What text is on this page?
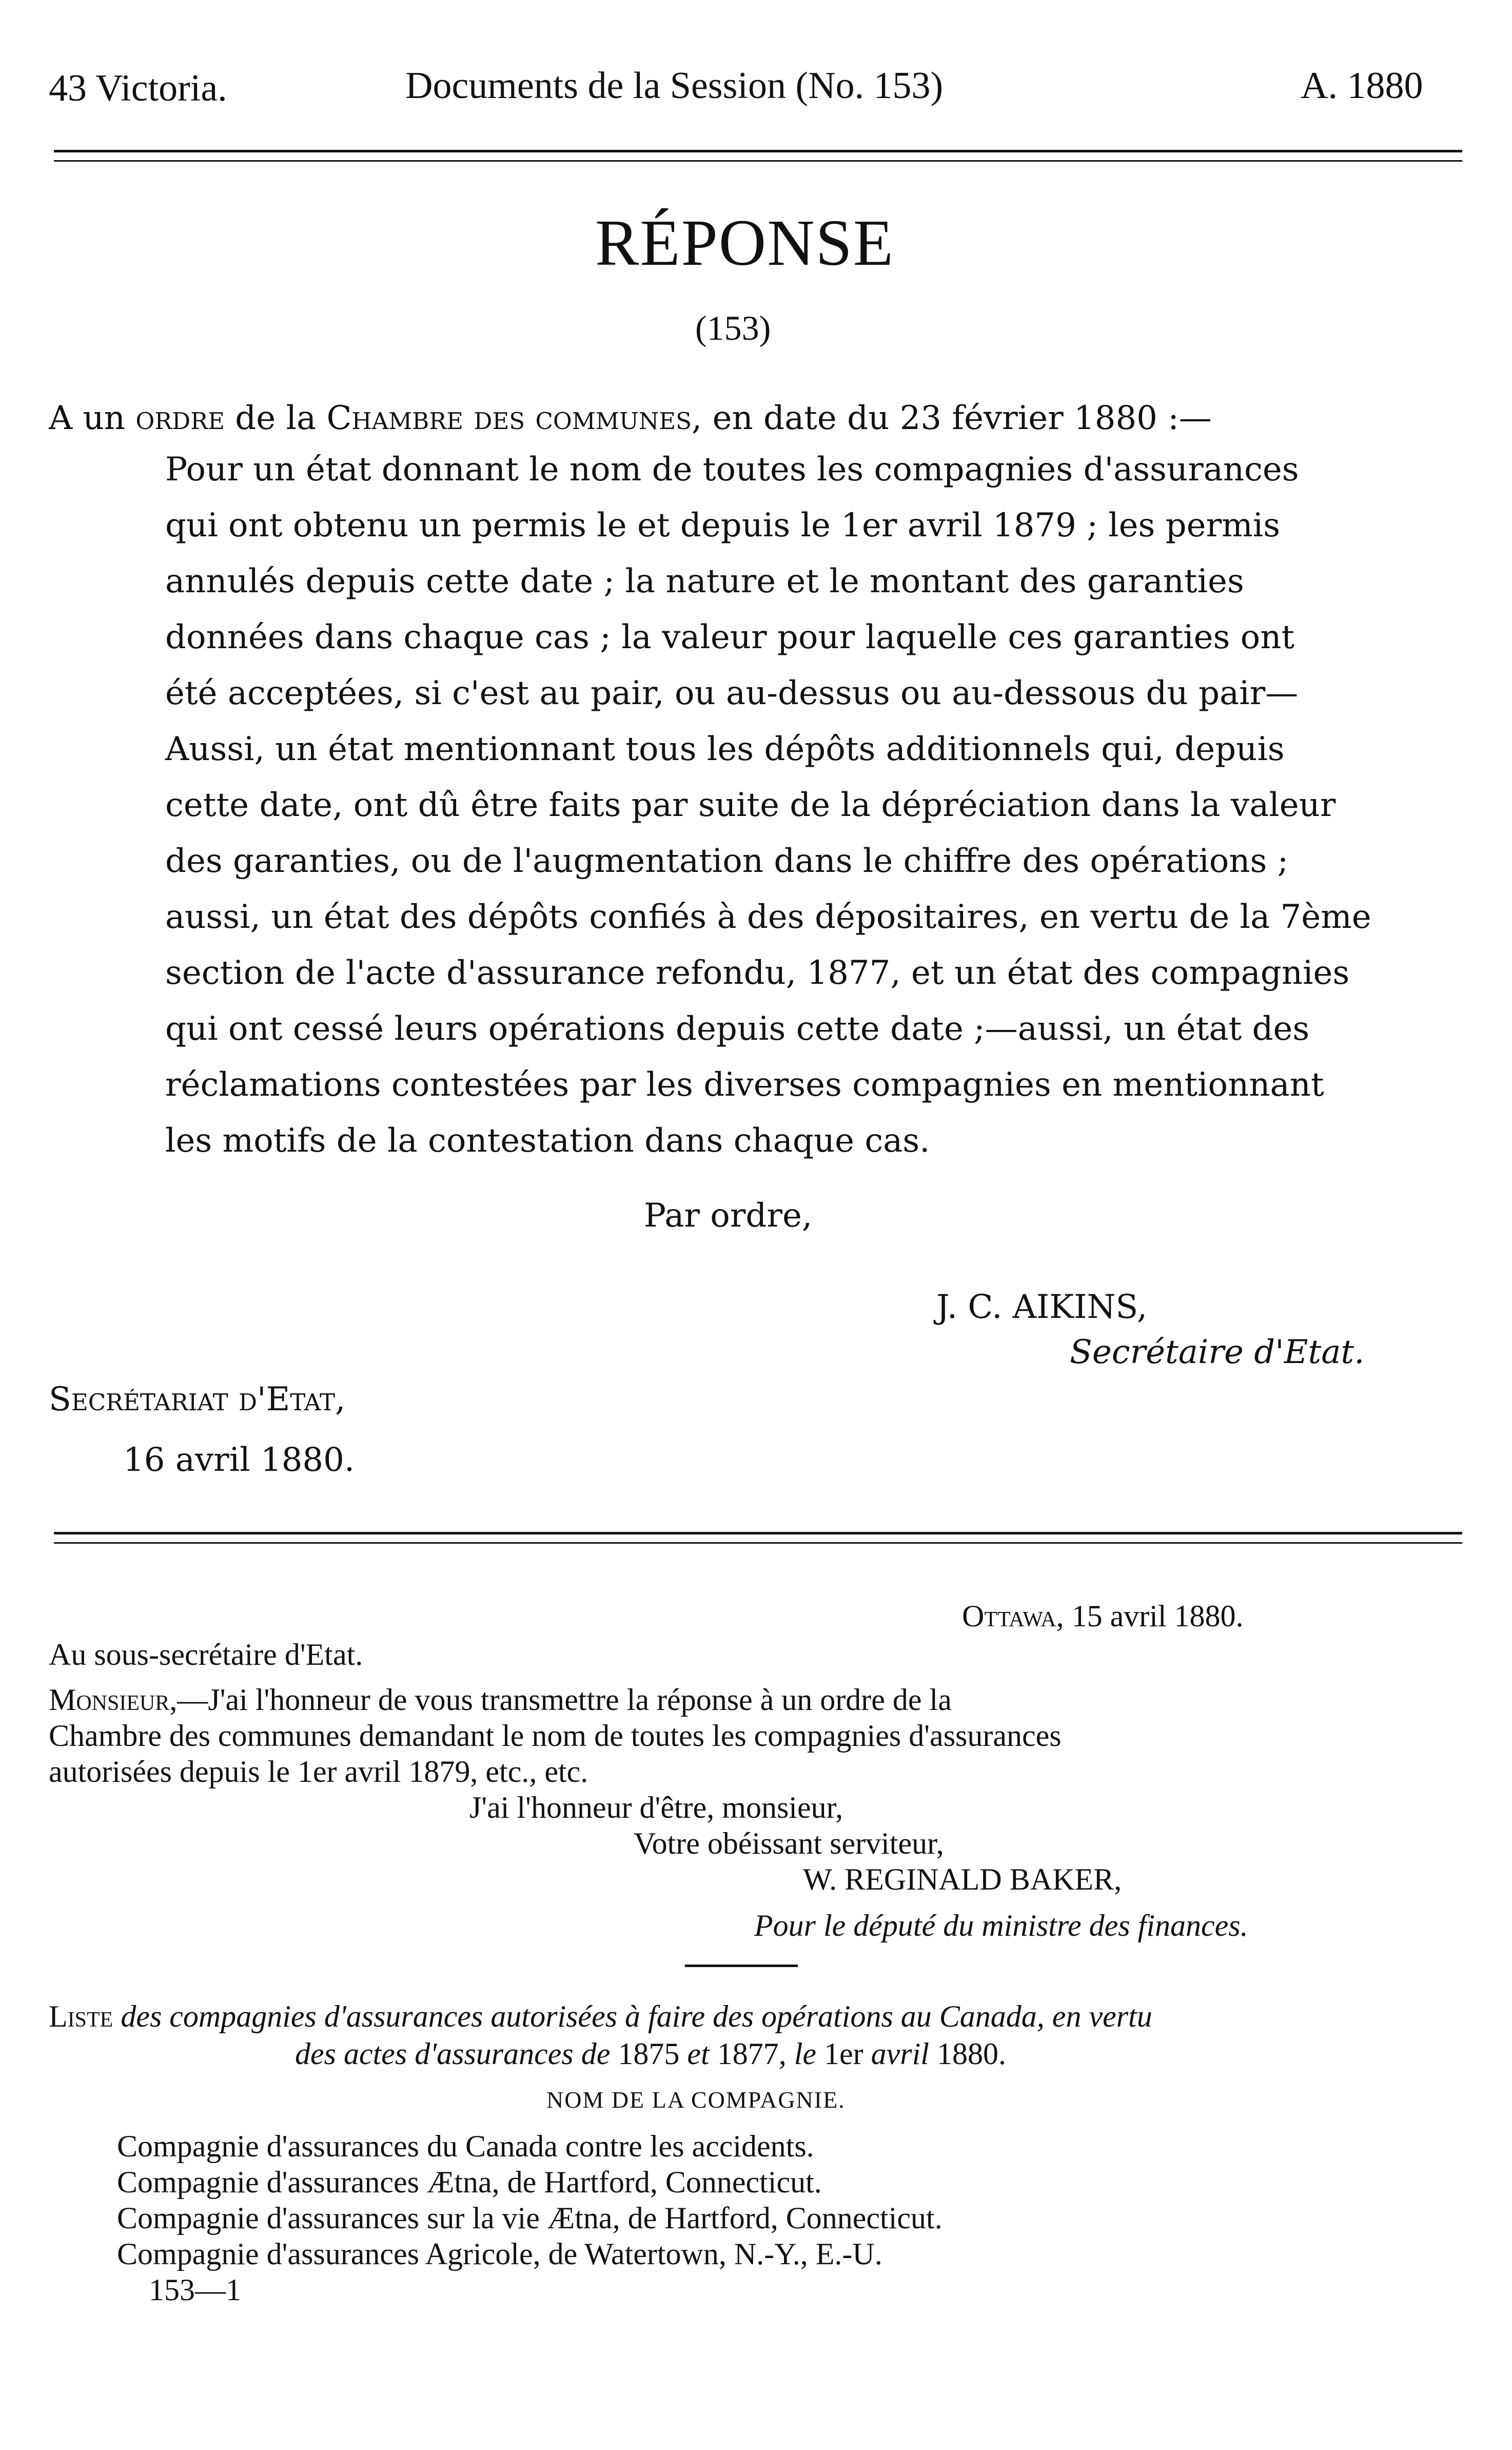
43 Victoria.	Documents de la Session (No. 153)	A. 1880
RÉPONSE
(153)
A un ordre de la Chambre des communes, en date du 23 février 1880 :—
Pour un état donnant le nom de toutes les compagnies d'assurances
qui ont obtenu un permis le et depuis le 1er avril 1879 ; les permis
annulés depuis cette date ; la nature et le montant des garanties
données dans chaque cas ; la valeur pour laquelle ces garanties ont
été acceptées, si c'est au pair, ou au-dessus ou au-dessous du pair—
Aussi, un état mentionnant tous les dépôts additionnels qui, depuis
cette date, ont dû être faits par suite de la dépréciation dans la valeur
des garanties, ou de l'augmentation dans le chiffre des opérations ;
aussi, un état des dépôts confiés à des dépositaires, en vertu de la 7ème
section de l'acte d'assurance refondu, 1877, et un état des compagnies
qui ont cessé leurs opérations depuis cette date ;—aussi, un état des
réclamations contestées par les diverses compagnies en mentionnant
les motifs de la contestation dans chaque cas.
Par ordre,
J. C. AIKINS,
Secrétaire d'Etat.
Secrétariat d'Etat,
16 avril 1880.
Ottawa, 15 avril 1880.
Au sous-secrétaire d'Etat.
Monsieur,—J'ai l'honneur de vous transmettre la réponse à un ordre de la
Chambre des communes demandant le nom de toutes les compagnies d'assurances
autorisées depuis le 1er avril 1879, etc., etc.
J'ai l'honneur d'être, monsieur,
Votre obéissant serviteur,
W. REGINALD BAKER,
Pour le député du ministre des finances.
Liste des compagnies d'assurances autorisées à faire des opérations au Canada, en vertu
des actes d'assurances de 1875 et 1877, le 1er avril 1880.
NOM DE LA COMPAGNIE.
Compagnie d'assurances du Canada contre les accidents.
Compagnie d'assurances Ætna, de Hartford, Connecticut.
Compagnie d'assurances sur la vie Ætna, de Hartford, Connecticut.
Compagnie d'assurances Agricole, de Watertown, N.-Y., E.-U.
153—1
